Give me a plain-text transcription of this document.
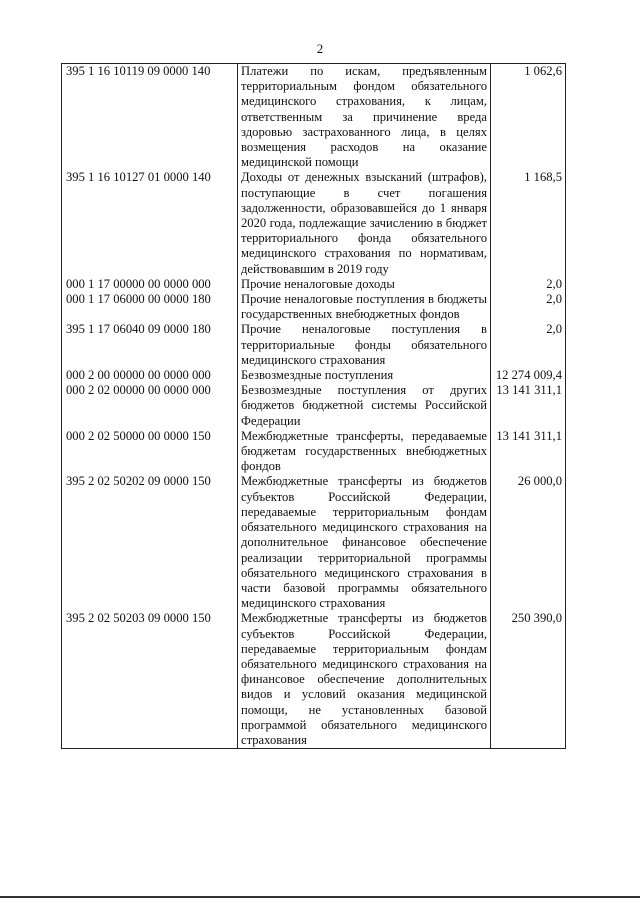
2
395 1 16 10119 09 0000 140	Платежи по искам, предъявленным территориальным фондом обязательного медицинского страхования, к лицам, ответственным за причинение вреда здоровью застрахованного лица, в целях возмещения расходов на оказание медицинской помощи	1 062,6
395 1 16 10127 01 0000 140	Доходы от денежных взысканий (штрафов), поступающие в счет погашения задолженности, образовавшейся до 1 января 2020 года, подлежащие зачислению в бюджет территориального фонда обязательного медицинского страхования по нормативам, действовавшим в 2019 году	1 168,5
000 1 17 00000 00 0000 000	Прочие неналоговые доходы	2,0
000 1 17 06000 00 0000 180	Прочие неналоговые поступления в бюджеты государственных внебюджетных фондов	2,0
395 1 17 06040 09 0000 180	Прочие неналоговые поступления в территориальные фонды обязательного медицинского страхования	2,0
000 2 00 00000 00 0000 000	Безвозмездные поступления	12 274 009,4
000 2 02 00000 00 0000 000	Безвозмездные поступления от других бюджетов бюджетной системы Российской Федерации	13 141 311,1
000 2 02 50000 00 0000 150	Межбюджетные трансферты, передаваемые бюджетам государственных внебюджетных фондов	13 141 311,1
395 2 02 50202 09 0000 150	Межбюджетные трансферты из бюджетов субъектов Российской Федерации, передаваемые территориальным фондам обязательного медицинского страхования на дополнительное финансовое обеспечение реализации территориальной программы обязательного медицинского страхования в части базовой программы обязательного медицинского страхования	26 000,0
395 2 02 50203 09 0000 150	Межбюджетные трансферты из бюджетов субъектов Российской Федерации, передаваемые территориальным фондам обязательного медицинского страхования на финансовое обеспечение дополнительных видов и условий оказания медицинской помощи, не установленных базовой программой обязательного медицинского страхования	250 390,0
